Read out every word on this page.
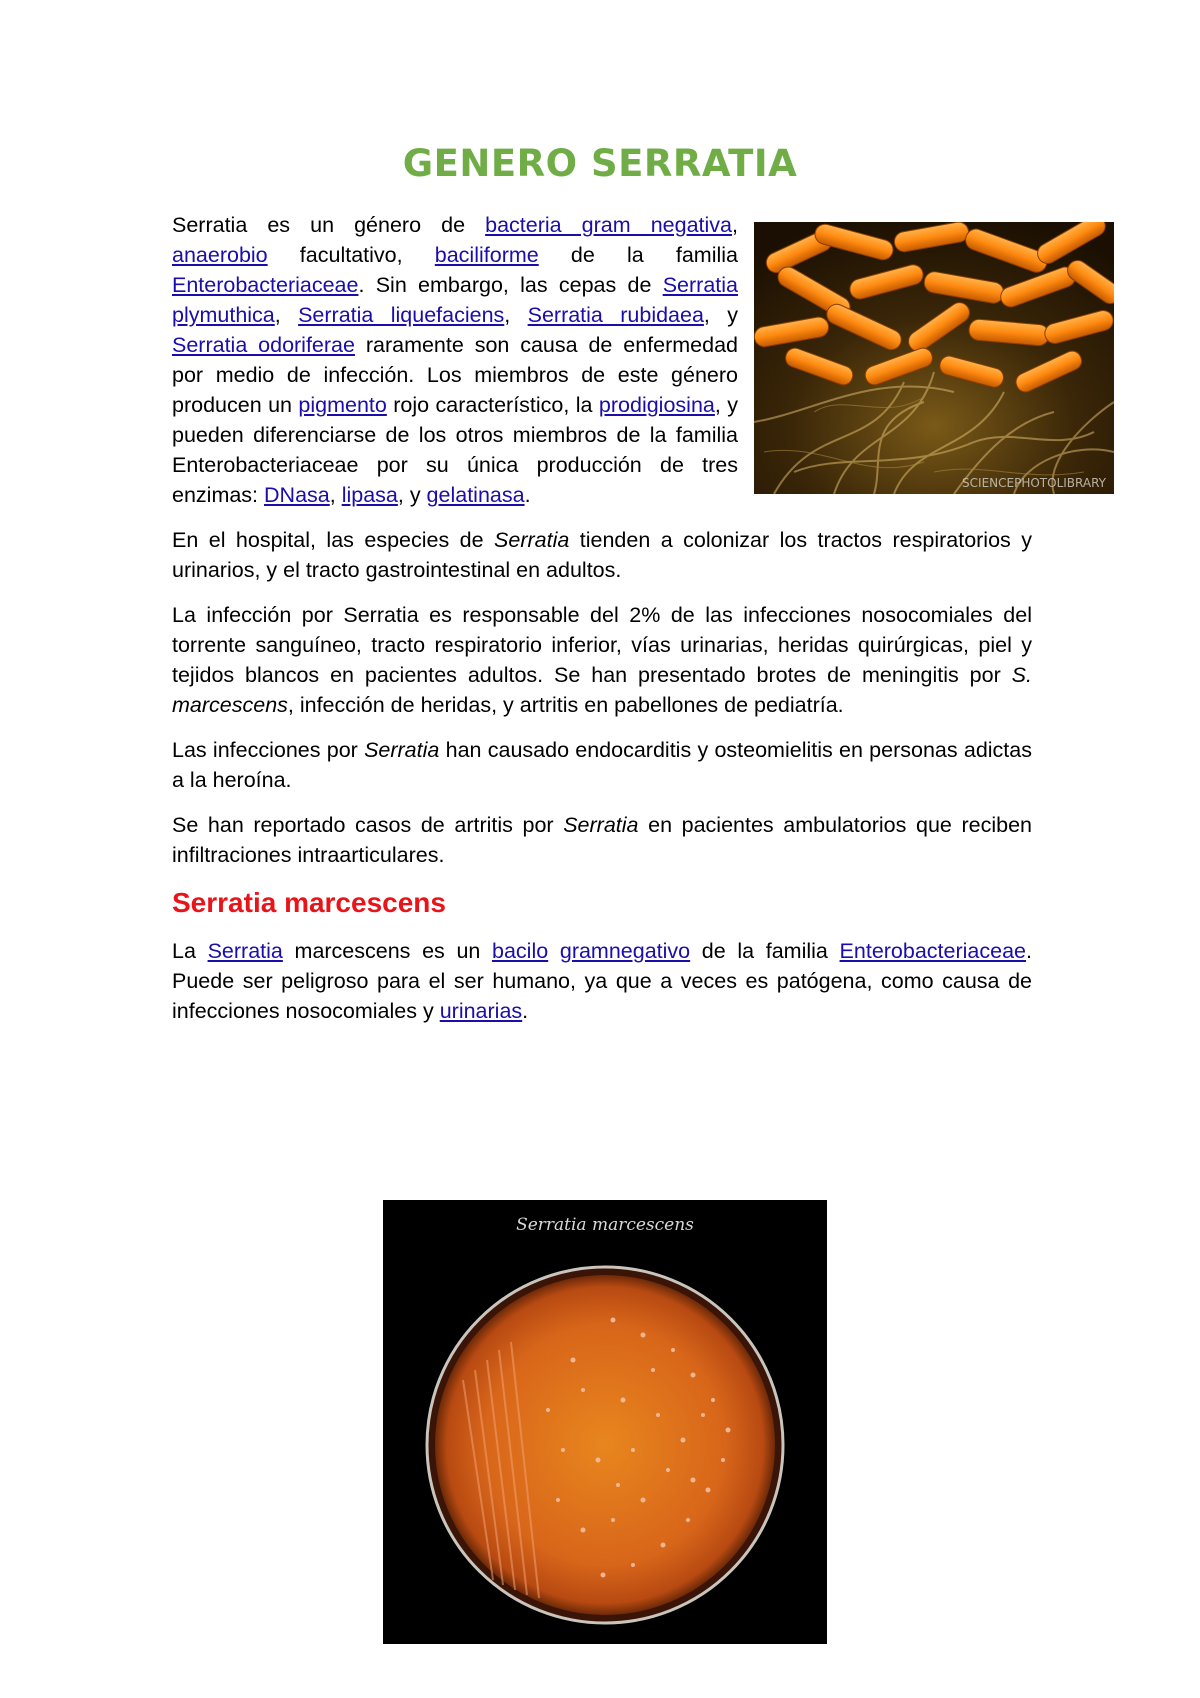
GENERO SERRATIA

SCIENCEPHOTOLIBRARY
Serratia es un género de bacteria gram negativa, anaerobio facultativo, baciliforme de la familia Enterobacteriaceae. Sin embargo, las cepas de Serratia plymuthica, Serratia liquefaciens, Serratia rubidaea, y Serratia odoriferae raramente son causa de enfermedad por medio de infección. Los miembros de este género producen un pigmento rojo característico, la prodigiosina, y pueden diferenciarse de los otros miembros de la familia Enterobacteriaceae por su única producción de tres enzimas: DNasa, lipasa, y gelatinasa.

En el hospital, las especies de Serratia tienden a colonizar los tractos respiratorios y urinarios, y el tracto gastrointestinal en adultos.

La infección por Serratia es responsable del 2% de las infecciones nosocomiales del torrente sanguíneo, tracto respiratorio inferior, vías urinarias, heridas quirúrgicas, piel y tejidos blancos en pacientes adultos. Se han presentado brotes de meningitis por S. marcescens, infección de heridas, y artritis en pabellones de pediatría.

Las infecciones por Serratia han causado endocarditis y osteomielitis en personas adictas a la heroína.

Se han reportado casos de artritis por Serratia en pacientes ambulatorios que reciben infiltraciones intraarticulares.

Serratia marcescens

La Serratia marcescens es un bacilo gramnegativo de la familia Enterobacteriaceae. Puede ser peligroso para el ser humano, ya que a veces es patógena, como causa de infecciones nosocomiales y urinarias.

Serratia marcescens
